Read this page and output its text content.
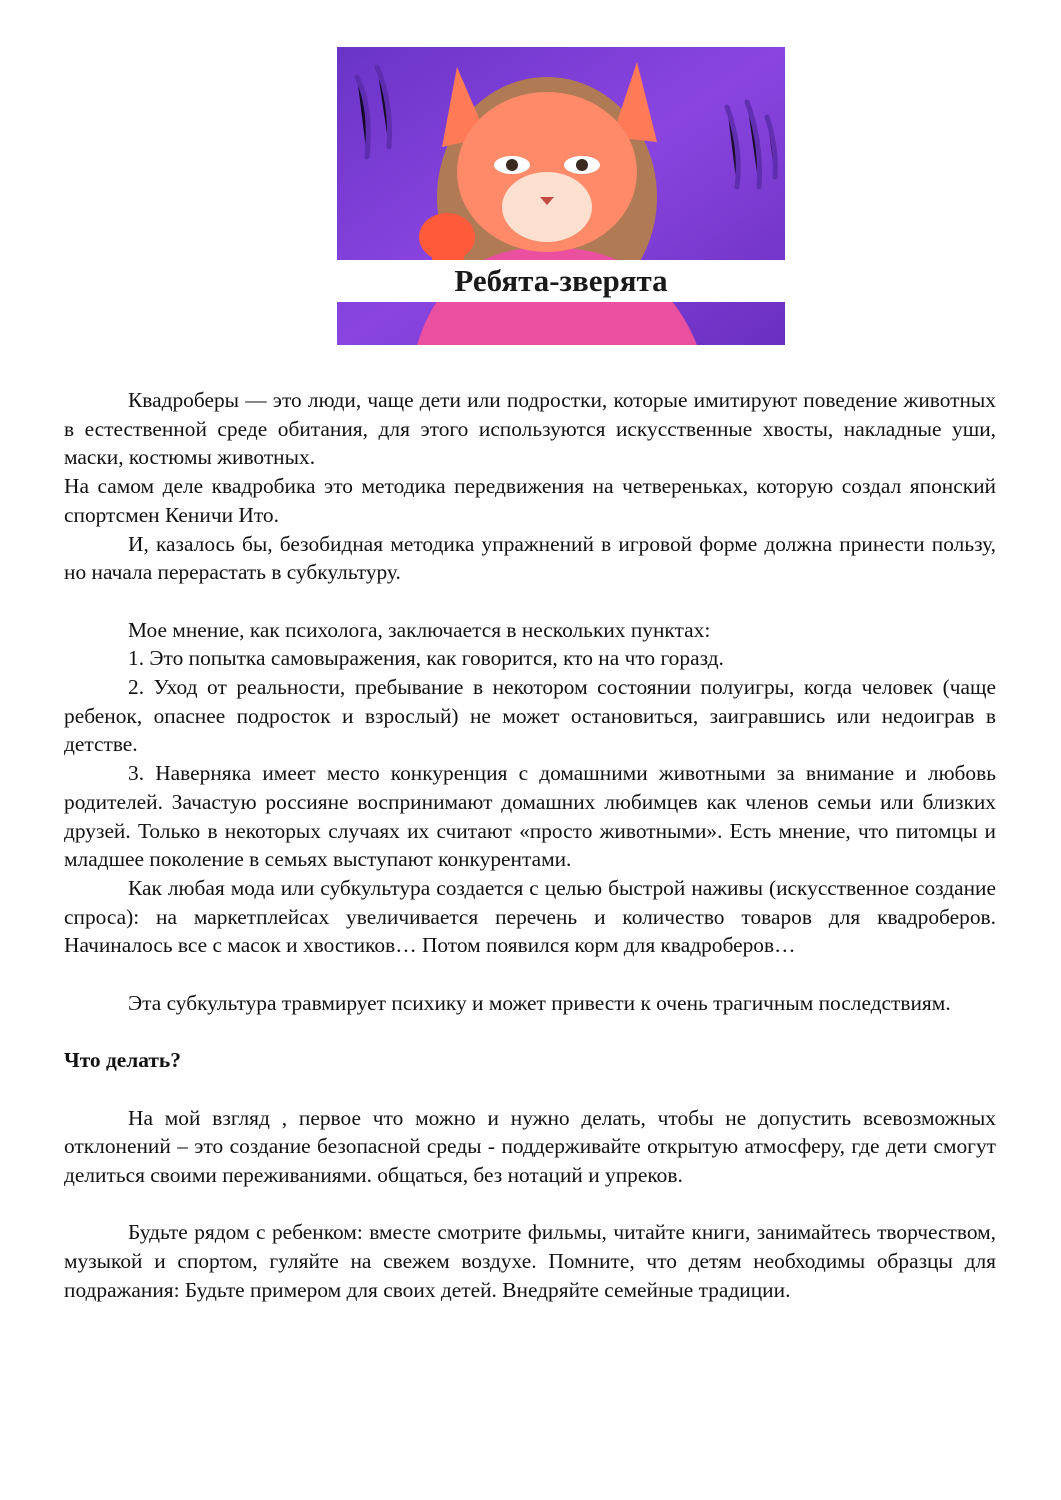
Ребята-зверята

Квадроберы — это люди, чаще дети или подростки, которые имитируют поведение животных в естественной среде обитания, для этого используются искусственные хвосты, накладные уши, маски, костюмы животных.

На самом деле квадробика это методика передвижения на четвереньках, которую создал японский спортсмен Кеничи Ито.

И, казалось бы, безобидная методика упражнений в игровой форме должна принести пользу, но начала перерастать в субкультуру.

Мое мнение, как психолога, заключается в нескольких пунктах:

1. Это попытка самовыражения, как говорится, кто на что горазд.

2. Уход от реальности, пребывание в некотором состоянии полуигры, когда человек (чаще ребенок, опаснее подросток и взрослый) не может остановиться, заигравшись или недоиграв в детстве.

3. Наверняка имеет место конкуренция с домашними животными за внимание и любовь родителей. Зачастую россияне воспринимают домашних любимцев как членов семьи или близких друзей. Только в некоторых случаях их считают «просто животными». Есть мнение, что питомцы и младшее поколение в семьях выступают конкурентами.

Как любая мода или субкультура создается с целью быстрой наживы (искусственное создание спроса): на маркетплейсах увеличивается перечень и количество товаров для квадроберов. Начиналось все с масок и хвостиков… Потом появился корм для квадроберов…

Эта субкультура травмирует психику и может привести к очень трагичным последствиям.

Что делать?

На мой взгляд , первое что можно и нужно делать, чтобы не допустить всевозможных отклонений – это создание безопасной среды - поддерживайте открытую атмосферу, где дети смогут делиться своими переживаниями. общаться, без нотаций и упреков.

Будьте рядом с ребенком: вместе смотрите фильмы, читайте книги, занимайтесь творчеством, музыкой и спортом, гуляйте на свежем воздухе. Помните, что детям необходимы образцы для подражания: Будьте примером для своих детей. Внедряйте семейные традиции.
